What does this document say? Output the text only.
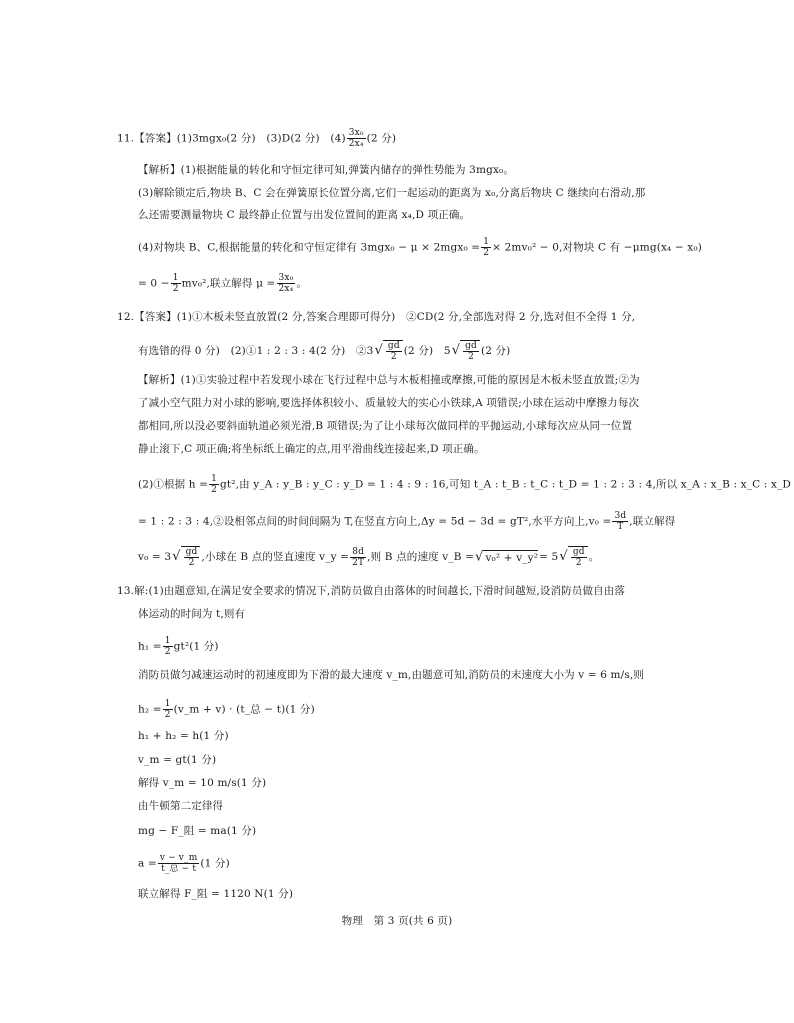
11.【答案】(1)3mgx₀(2 分)　(3)D(2 分)　$(4) \frac{\text{3x₀}}{\text{2x₄}} (2$ 分)
【解析】(1)根据能量的转化和守恒定律可知,弹簧内储存的弹性势能为 3mgx₀。
(3)解除锁定后,物块 B、C 会在弹簧原长位置分离,它们一起运动的距离为 x₀,分离后物块 C 继续向右滑动,那
么还需要测量物块 C 最终静止位置与出发位置间的距离 x₄,D 项正确。
(4)对物块 B、C,根据能量的转化和守恒定律有 $3mgx_0 - \mu \times 2mgx_0 = \frac{1}{2} \times 2mv_0^2 - 0$,对物块 C 有 −μmg(x₄ − x₀)
= $0 - \frac{1}{2} mv_0^2$,联立解得 $\mu = \frac{\text{3x₀}}{\text{2x₄}}$ 。
12.【答案】(1)①木板未竖直放置(2 分,答案合理即可得分)　②CD(2 分,全部选对得 2 分,选对但不全得 1 分,
有选错的得 0 分)　(2)①1 : 2 : 3 : 4(2 分)　②3√ $\frac{gd}{2} (2$ 分)　$5√ \frac{gd}{2} (2$ 分)
【解析】(1)①实验过程中若发现小球在飞行过程中总与木板相撞或摩擦,可能的原因是木板未竖直放置;②为
了减小空气阻力对小球的影响,要选择体积较小、质量较大的实心小铁球,A 项错误;小球在运动中摩擦力每次
都相同,所以没必要斜面轨道必须光滑,B 项错误;为了让小球每次做同样的平抛运动,小球每次应从同一位置
静止滚下,C 项正确;将坐标纸上确定的点,用平滑曲线连接起来,D 项正确。
(2)①根据 $h = \frac{1}{2} gt^2$,由 y_A : y_B : y_C : y_D = 1 : 4 : 9 : 16,可知 t_A : t_B : t_C : t_D = 1 : 2 : 3 : 4,所以 x_A : x_B : x_C : x_D
= 1 : 2 : 3 : 4,②设相邻点间的时间间隔为 T,在竖直方向上,Δy = 5d − 3d = gT²,水平方向上$,v_0 = \frac{3d}{T}$ ,联立解得
$v_0 = 3√ \frac{gd}{2}$ ,小球在 B 点的竖直速度 v_y = $\frac{8d}{2T}$ ,则 B 点的速度 v_B =√ v₀² + v_y²= $5√ \frac{gd}{2}$ 。
13.解:(1)由题意知,在满足安全要求的情况下,消防员做自由落体的时间越长,下滑时间越短,设消防员做自由落
体运动的时间为 t,则有
$h_1 = \frac{1}{2} gt^2(1$ 分)
消防员做匀减速运动时的初速度即为下滑的最大速度 v_m,由题意可知,消防员的末速度大小为 v = 6 m/s,则
$h_2 = \frac{1}{2}$ (v_m + v) · (t_总 − t)(1 分)
h₁ + h₂ = h(1 分)
v_m = gt(1 分)
解得 v_m = 10 m/s(1 分)
由牛顿第二定律得
mg − F_阻 = ma(1 分)
a = v − v_m
t_总 − t (1 分)
联立解得 F_阻 = 1120 N(1 分)
物理　第 3 页(共 6 页)
